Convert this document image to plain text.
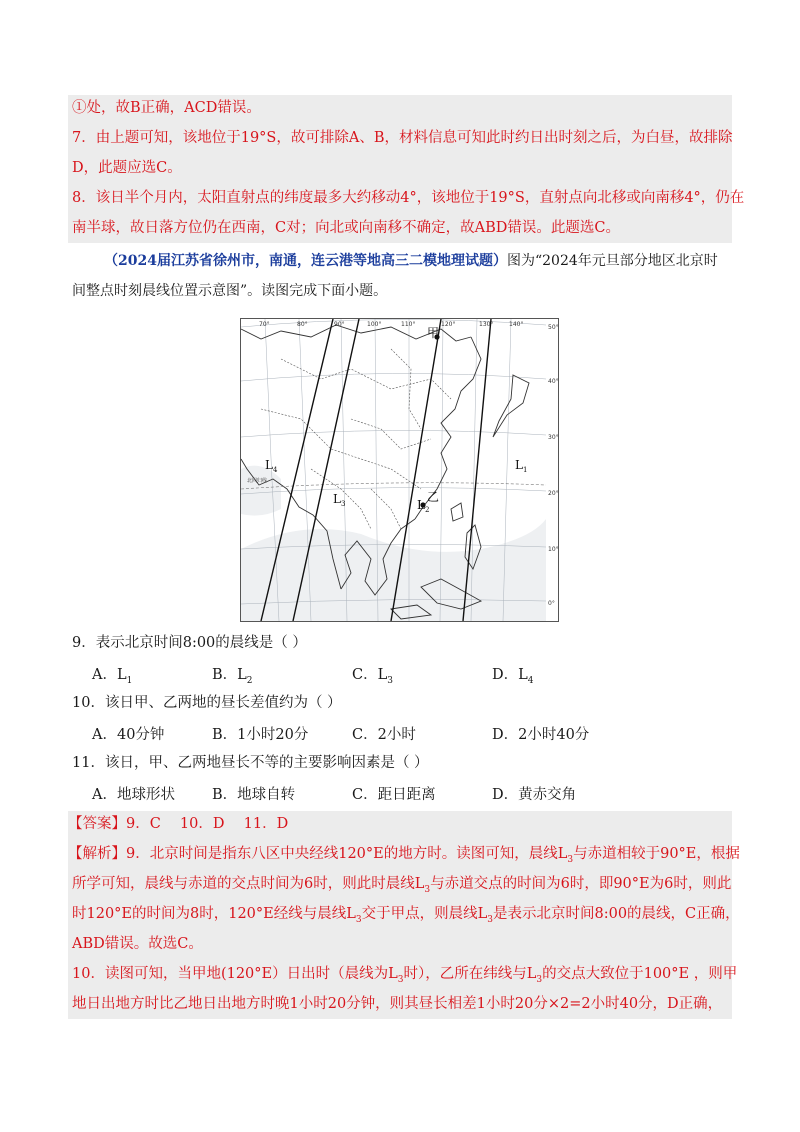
①处，故B正确，ACD错误。
7．由上题可知，该地位于19°S，故可排除A、B，材料信息可知此时约日出时刻之后，为白昼，故排除
D，此题应选C。
8．该日半个月内，太阳直射点的纬度最多大约移动4°，该地位于19°S，直射点向北移或向南移4°，仍在
南半球，故日落方位仍在西南，C对；向北或向南移不确定，故ABD错误。此题选C。
（2024届江苏省徐州市，南通，连云港等地高三二模地理试题）图为“2024年元旦部分地区北京时
间整点时刻晨线位置示意图”。读图完成下面小题。
70°	80°	90°	100°	110°	120°	130°	140°	50°
40°
30°
20°
10°
0°
北回归线
$L_1$
$L_2$
$L_3$
$L_4$
甲
乙
9．表示北京时间8:00的晨线是（ ）
A．$L_1$	B．$L_2$	C．$L_3$	D．$L_4$
10．该日甲、乙两地的昼长差值约为（ ）
A．40分钟	B．1小时20分	C．2小时	D．2小时40分
11．该日，甲、乙两地昼长不等的主要影响因素是（ ）
A．地球形状	B．地球自转	C．距日距离	D．黄赤交角
【答案】9．C　 10．D　 11．D
【解析】9．北京时间是指东八区中央经线120°E的地方时。读图可知，晨线$L_3$与赤道相较于90°E，根据
所学可知，晨线与赤道的交点时间为6时，则此时晨线$L_3$与赤道交点的时间为6时，即90°E为6时，则此
时120°E的时间为8时，120°E经线与晨线$L_3$交于甲点，则晨线$L_3$是表示北京时间8:00的晨线，C正确，
ABD错误。故选C。
10．读图可知，当甲地(120°E）日出时（晨线为$L_3$时），乙所在纬线与$L_3$的交点大致位于100°E ，则甲
地日出地方时比乙地日出地方时晚1小时20分钟，则其昼长相差1小时20分×2=2小时40分，D正确，
